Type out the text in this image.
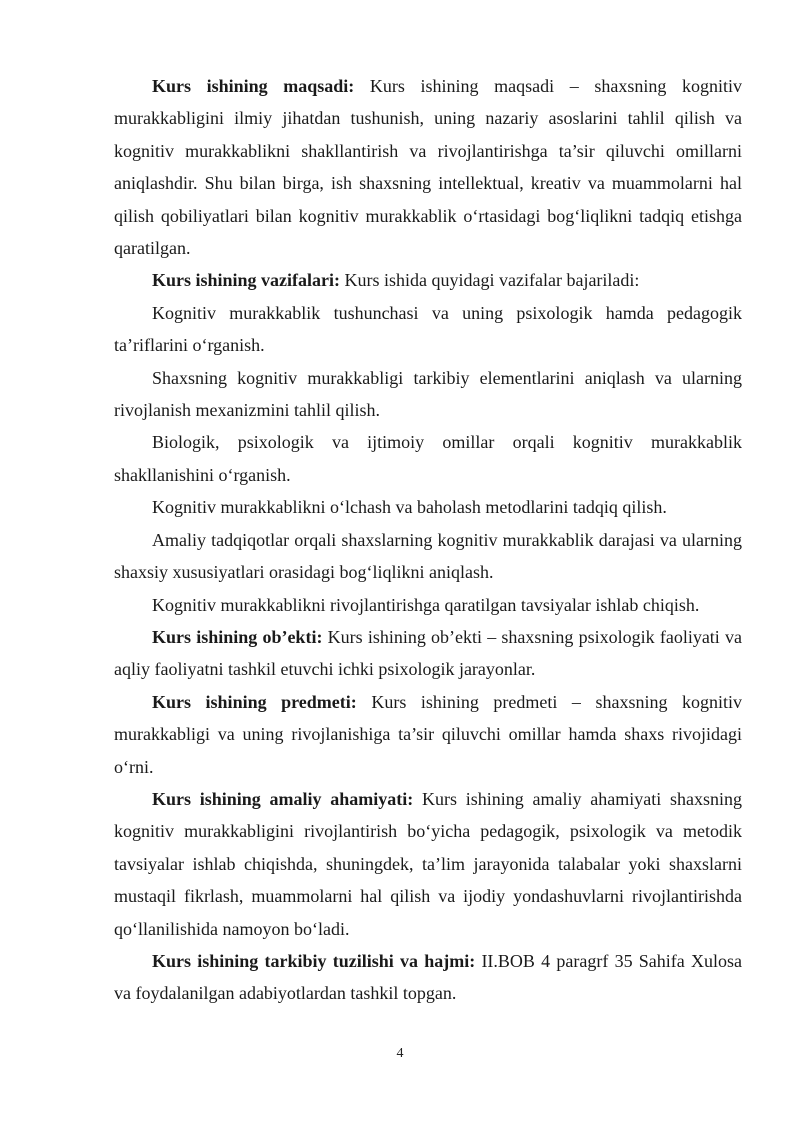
Kurs ishining maqsadi: Kurs ishining maqsadi – shaxsning kognitiv murakkabligini ilmiy jihatdan tushunish, uning nazariy asoslarini tahlil qilish va kognitiv murakkablikni shakllantirish va rivojlantirishga ta’sir qiluvchi omillarni aniqlashdir. Shu bilan birga, ish shaxsning intellektual, kreativ va muammolarni hal qilish qobiliyatlari bilan kognitiv murakkablik o‘rtasidagi bog‘liqlikni tadqiq etishga qaratilgan.

Kurs ishining vazifalari: Kurs ishida quyidagi vazifalar bajariladi:

Kognitiv murakkablik tushunchasi va uning psixologik hamda pedagogik ta’riflarini o‘rganish.

Shaxsning kognitiv murakkabligi tarkibiy elementlarini aniqlash va ularning rivojlanish mexanizmini tahlil qilish.

Biologik, psixologik va ijtimoiy omillar orqali kognitiv murakkablik shakllanishini o‘rganish.

Kognitiv murakkablikni o‘lchash va baholash metodlarini tadqiq qilish.

Amaliy tadqiqotlar orqali shaxslarning kognitiv murakkablik darajasi va ularning shaxsiy xususiyatlari orasidagi bog‘liqlikni aniqlash.

Kognitiv murakkablikni rivojlantirishga qaratilgan tavsiyalar ishlab chiqish.

Kurs ishining ob’ekti: Kurs ishining ob’ekti – shaxsning psixologik faoliyati va aqliy faoliyatni tashkil etuvchi ichki psixologik jarayonlar.

Kurs ishining predmeti: Kurs ishining predmeti – shaxsning kognitiv murakkabligi va uning rivojlanishiga ta’sir qiluvchi omillar hamda shaxs rivojidagi o‘rni.

Kurs ishining amaliy ahamiyati: Kurs ishining amaliy ahamiyati shaxsning kognitiv murakkabligini rivojlantirish bo‘yicha pedagogik, psixologik va metodik tavsiyalar ishlab chiqishda, shuningdek, ta’lim jarayonida talabalar yoki shaxslarni mustaqil fikrlash, muammolarni hal qilish va ijodiy yondashuvlarni rivojlantirishda qo‘llanilishida namoyon bo‘ladi.

Kurs ishining tarkibiy tuzilishi va hajmi: II.BOB 4 paragrf 35 Sahifa Xulosa va foydalanilgan adabiyotlardan tashkil topgan.

4
